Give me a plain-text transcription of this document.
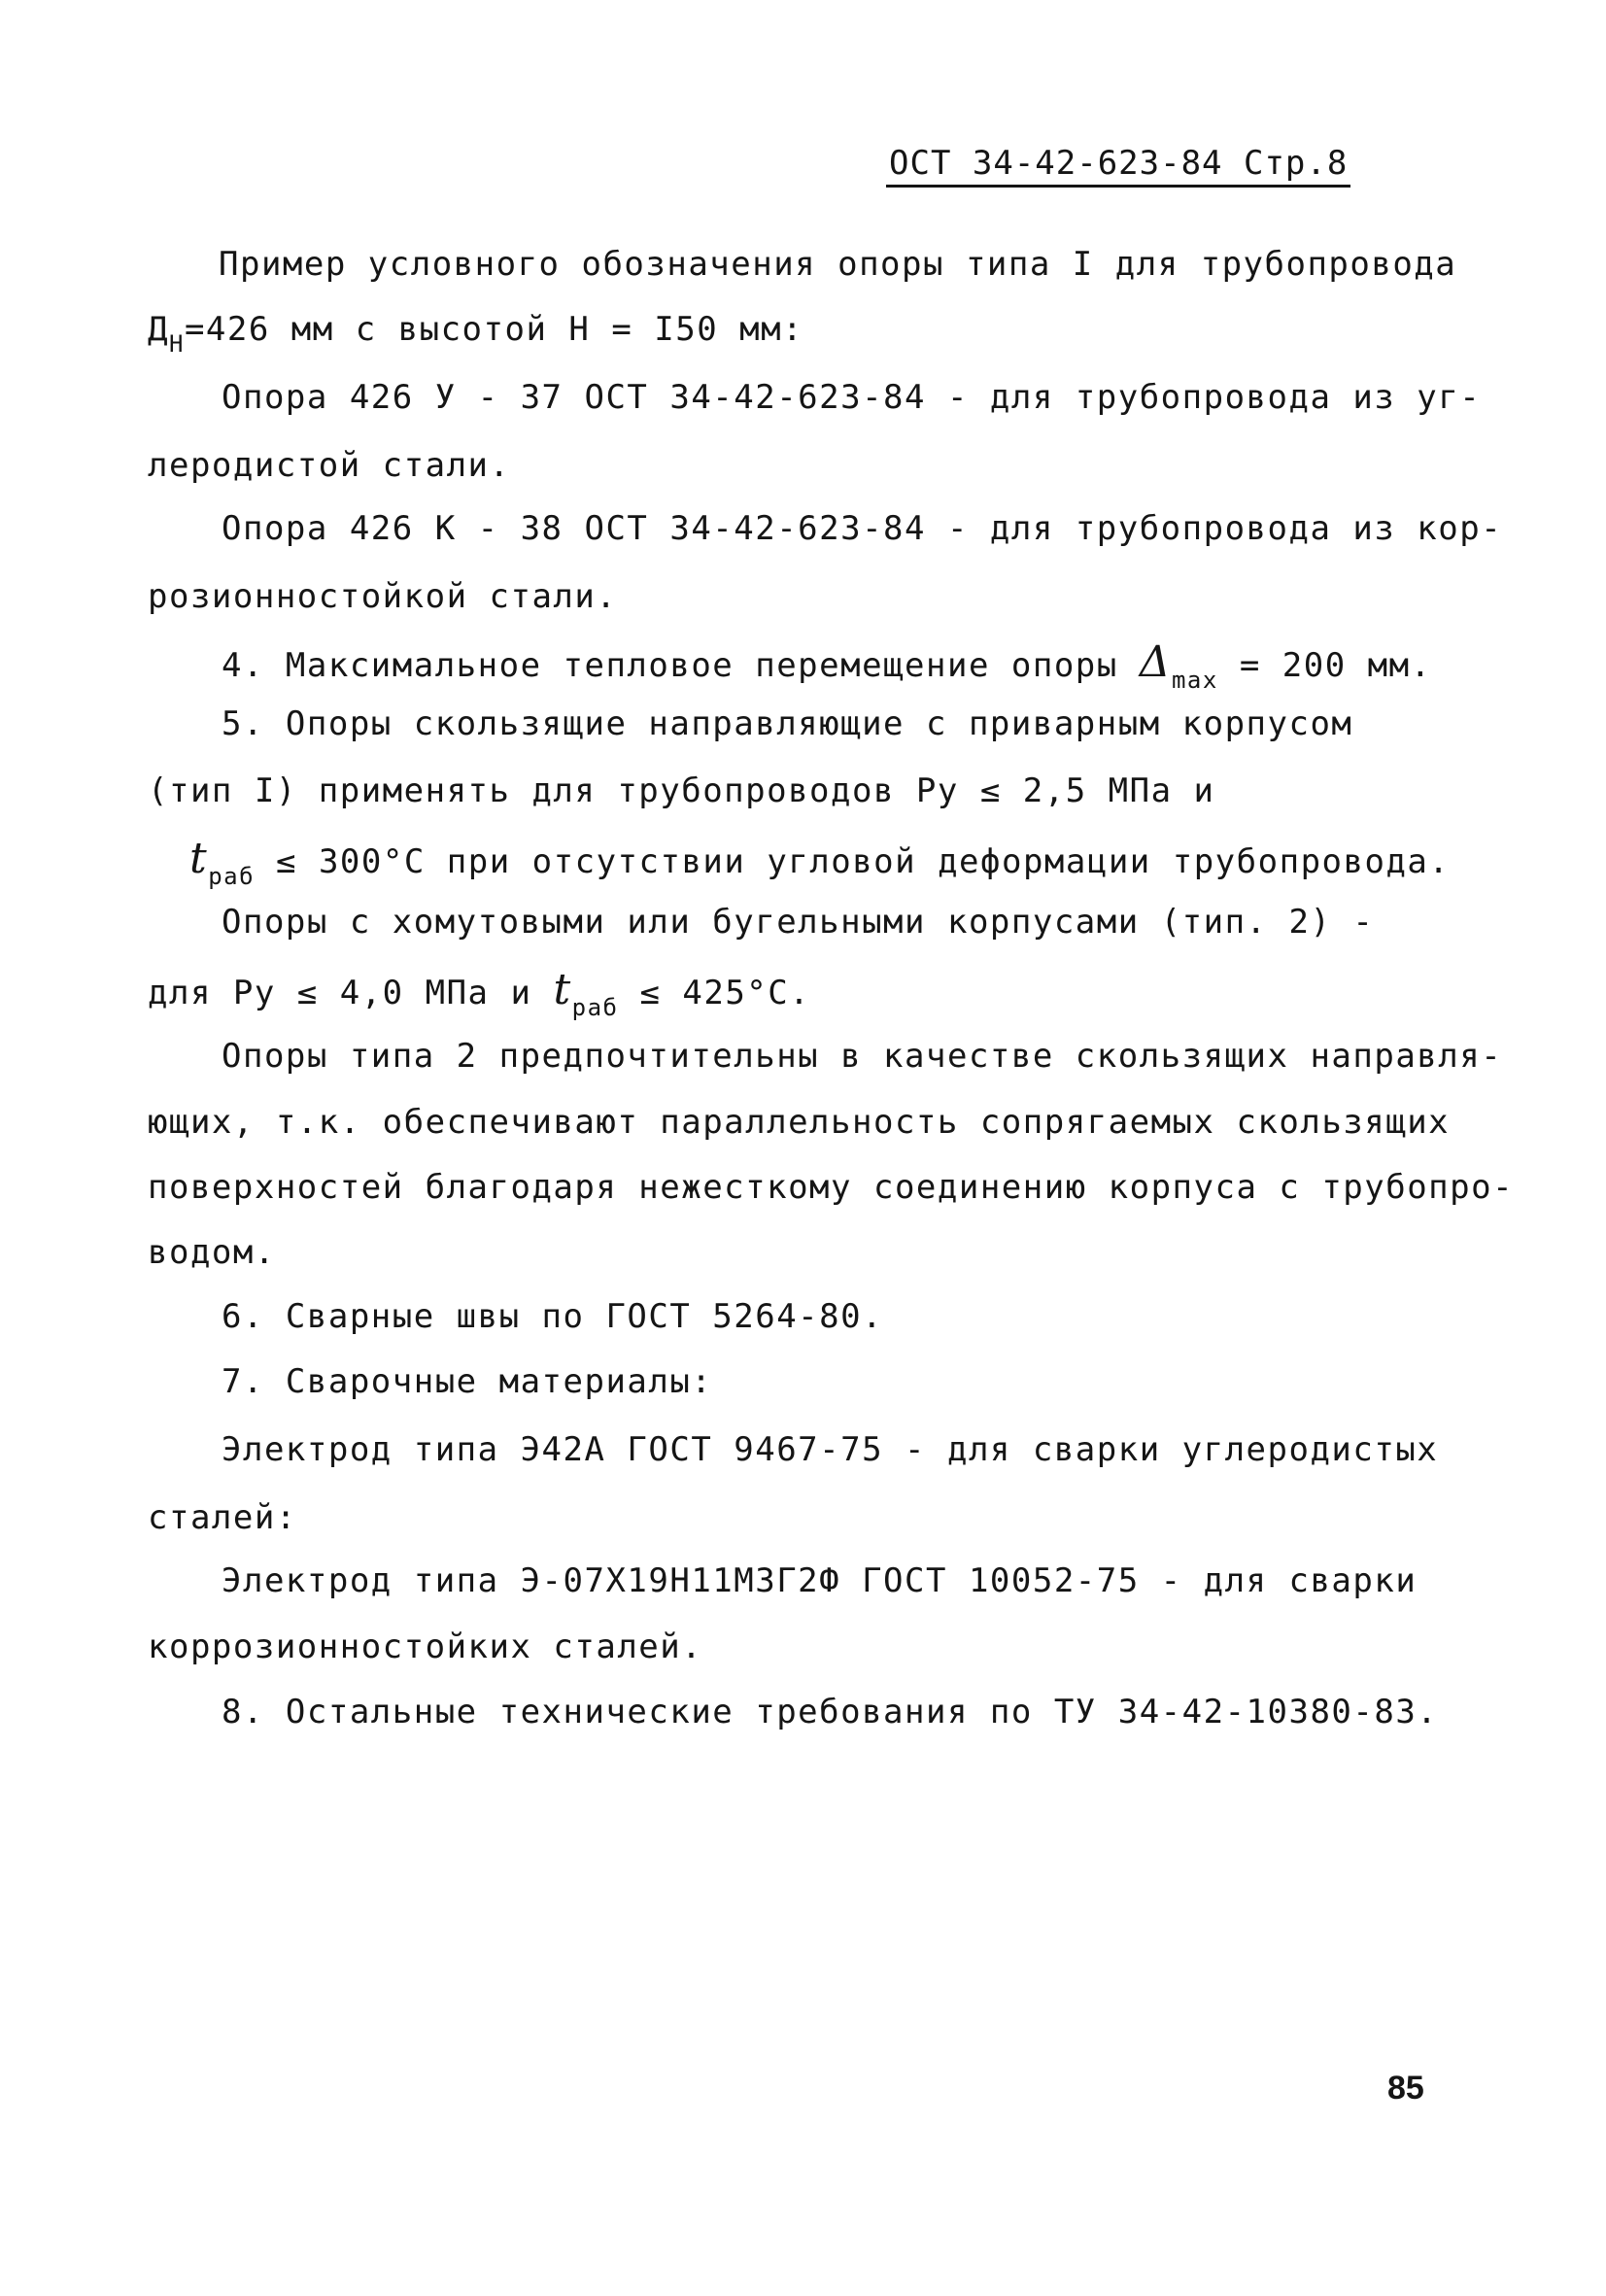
ОСТ 34-42-623-84 Стр.8
Пример условного обозначения опоры типа I для трубопровода
$Д_Н=426$ мм с высотой Н = I50 мм:
Опора 426 У - 37 ОСТ 34-42-623-84 - для трубопровода из уг-
леродистой стали.
Опора 426 К - 38 ОСТ 34-42-623-84 - для трубопровода из кор-
розионностойкой стали.
4. Максимальное тепловое перемещение опоры $\Delta_{max} = 200$ мм.
5. Опоры скользящие направляющие с приварным корпусом
(тип I) применять для трубопроводов Ру ≤ 2,5 МПа и
$t_{раб} \le 300^\circ С$ при отсутствии угловой деформации трубопровода.
Опоры с хомутовыми или бугельными корпусами (тип. 2) -
для Ру ≤ 4,0 МПа и $t_{раб} \le 425^\circ С$.
Опоры типа 2 предпочтительны в качестве скользящих направля-
ющих, т.к. обеспечивают параллельность сопрягаемых скользящих
поверхностей благодаря нежесткому соединению корпуса с трубопро-
водом.
6. Сварные швы по ГОСТ 5264-80.
7. Сварочные материалы:
Электрод типа Э42А ГОСТ 9467-75 - для сварки углеродистых
сталей:
Электрод типа Э-07Х19Н11М3Г2Ф ГОСТ 10052-75 - для сварки
коррозионностойких сталей.
8. Остальные технические требования по ТУ 34-42-10380-83.
85
